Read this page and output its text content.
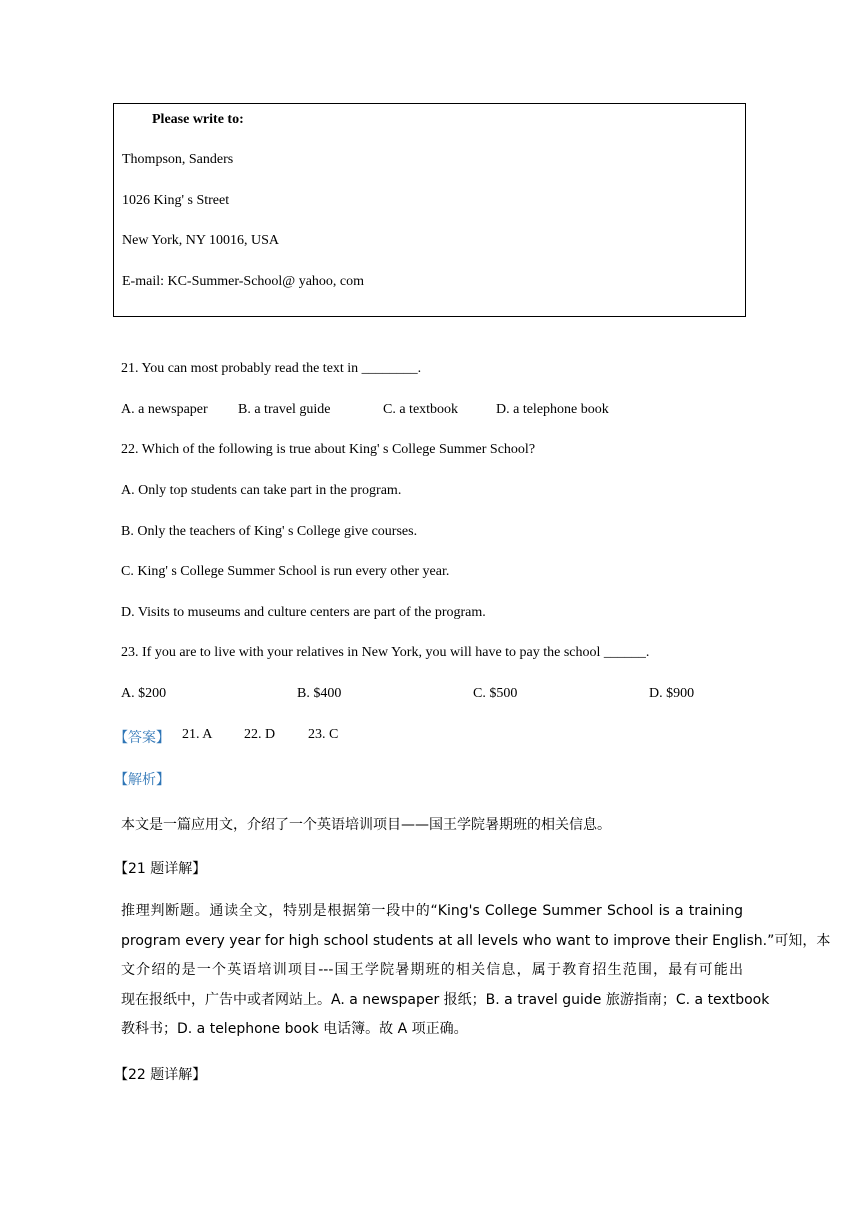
Please write to:
Thompson, Sanders
1026 King' s Street
New York, NY 10016, USA
E-mail: KC-Summer-School@ yahoo, com
21. You can most probably read the text in ________.
A. a newspaper B. a travel guide	C. a textbook	D. a telephone book
22. Which of the following is true about King' s College Summer School?
A. Only top students can take part in the program.
B. Only the teachers of King' s College give courses.
C. King' s College Summer School is run every other year.
D. Visits to museums and culture centers are part of the program.
23. If you are to live with your relatives in New York, you will have to pay the school ______.
A. $200	B. $400	C. $500	D. $900
【答案】 21. A 22. D 23. C
【解析】
本文是一篇应用文，介绍了一个英语培训项目——国王学院暑期班的相关信息。
【21 题详解】
推理判断题。通读全文，特别是根据第一段中的“King's College Summer School is a training
program every year for high school students at all levels who want to improve their English.”可知，本
文介绍的是一个英语培训项目---国王学院暑期班的相关信息，属于教育招生范围，最有可能出
现在报纸中，广告中或者网站上。A. a newspaper 报纸；B. a travel guide 旅游指南；C. a textbook
教科书；D. a telephone book 电话簿。故 A 项正确。
【22 题详解】
